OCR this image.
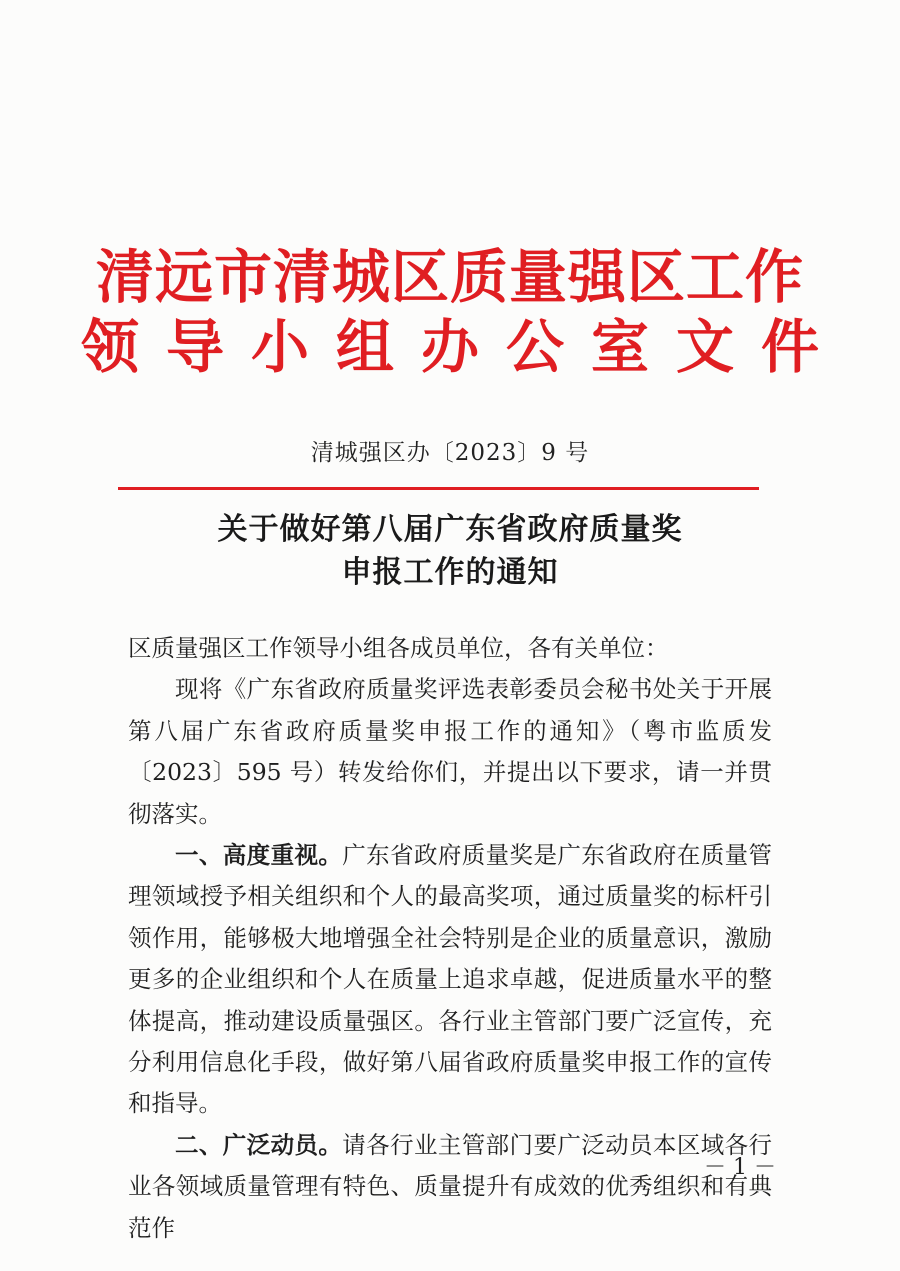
清远市清城区质量强区工作
领导小组办公室文件
清城强区办〔2023〕9 号
关于做好第八届广东省政府质量奖
申报工作的通知

区质量强区工作领导小组各成员单位，各有关单位：

现将《广东省政府质量奖评选表彰委员会秘书处关于开展第八届广东省政府质量奖申报工作的通知》（粤市监质发〔2023〕595 号）转发给你们，并提出以下要求，请一并贯彻落实。

一、高度重视。广东省政府质量奖是广东省政府在质量管理领域授予相关组织和个人的最高奖项，通过质量奖的标杆引领作用，能够极大地增强全社会特别是企业的质量意识，激励更多的企业组织和个人在质量上追求卓越，促进质量水平的整体提高，推动建设质量强区。各行业主管部门要广泛宣传，充分利用信息化手段，做好第八届省政府质量奖申报工作的宣传和指导。

二、广泛动员。请各行业主管部门要广泛动员本区域各行业各领域质量管理有特色、质量提升有成效的优秀组织和有典范作

－ 1 －
